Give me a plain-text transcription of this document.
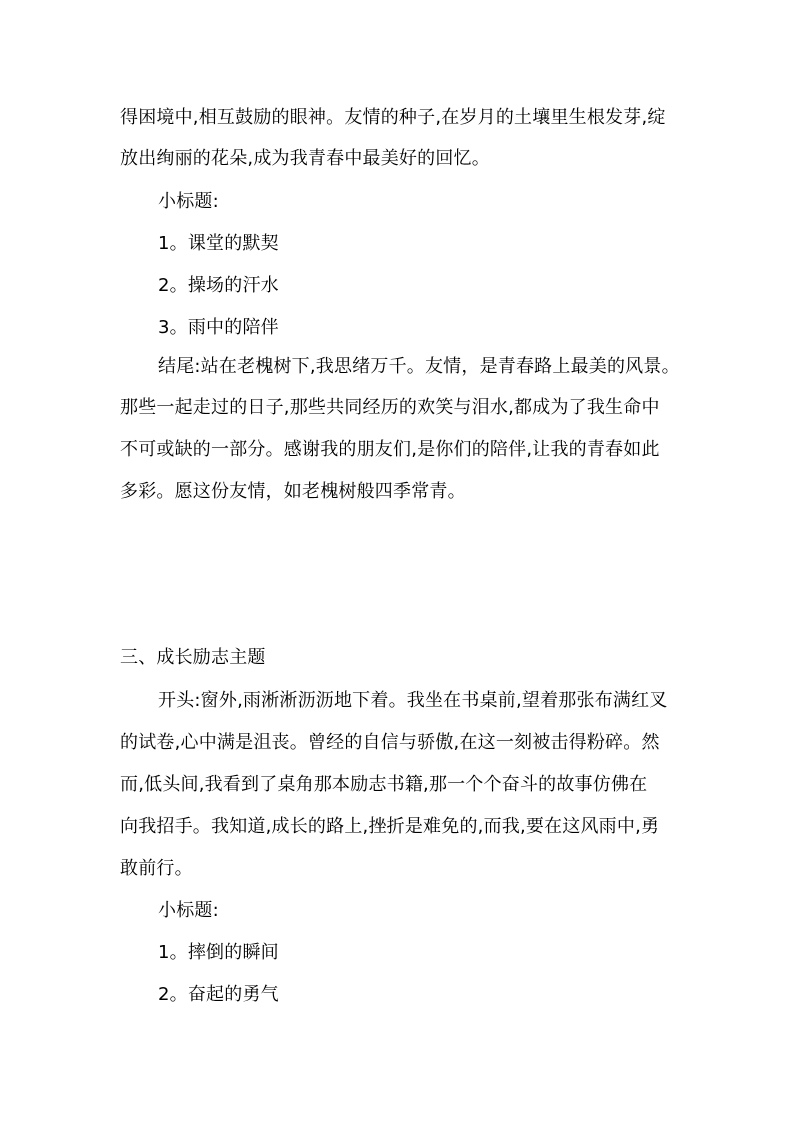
得困境中,相互鼓励的眼神。友情的种子,在岁月的土壤里生根发芽,绽
放出绚丽的花朵,成为我青春中最美好的回忆。
小标题:
1。课堂的默契
2。操场的汗水
3。雨中的陪伴
结尾:站在老槐树下,我思绪万千。友情，是青春路上最美的风景。
那些一起走过的日子,那些共同经历的欢笑与泪水,都成为了我生命中
不可或缺的一部分。感谢我的朋友们,是你们的陪伴,让我的青春如此
多彩。愿这份友情，如老槐树般四季常青。
三、成长励志主题
开头:窗外,雨淅淅沥沥地下着。我坐在书桌前,望着那张布满红叉
的试卷,心中满是沮丧。曾经的自信与骄傲,在这一刻被击得粉碎。然
而,低头间,我看到了桌角那本励志书籍,那一个个奋斗的故事仿佛在
向我招手。我知道,成长的路上,挫折是难免的,而我,要在这风雨中,勇
敢前行。
小标题:
1。摔倒的瞬间
2。奋起的勇气
